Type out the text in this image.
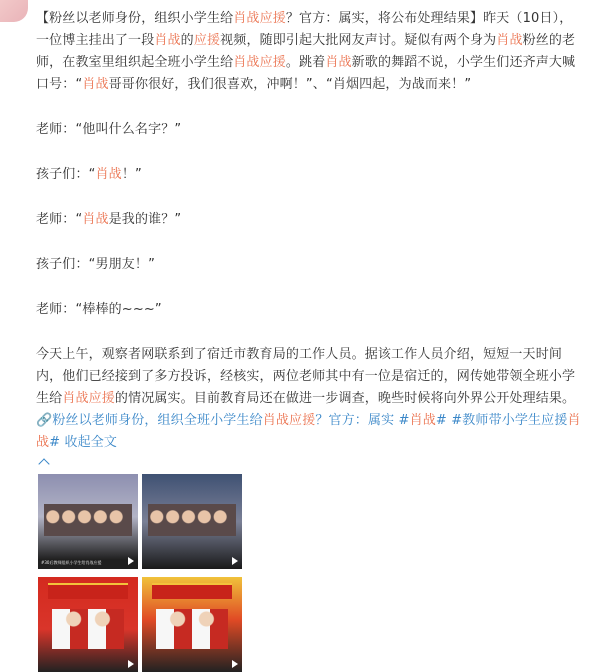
【粉丝以老师身份，组织小学生给肖战应援？官方：属实，将公布处理结果】昨天（10日），一位博主挂出了一段肖战的应援视频，随即引起大批网友声讨。疑似有两个身为肖战粉丝的老师，在教室里组织起全班小学生给肖战应援。跳着肖战新歌的舞蹈不说，小学生们还齐声大喊口号：“肖战哥哥你很好，我们很喜欢，冲啊！”、“肖烟四起，为战而来！”

老师：“他叫什么名字？”

孩子们：“肖战！”

老师：“肖战是我的谁？”

孩子们：“男朋友！”

老师：“棒棒的~~~”

今天上午，观察者网联系到了宿迁市教育局的工作人员。据该工作人员介绍，短短一天时间内，他们已经接到了多方投诉，经核实，两位老师其中有一位是宿迁的，网传她带领全班小学生给肖战应援的情况属实。目前教育局还在做进一步调查，晚些时候将向外界公开处理结果。🔗粉丝以老师身份，组织全班小学生给肖战应援？官方：属实 #肖战# #教师带小学生应援肖战# 收起全文

#30后教师组织小学生给肖战应援
